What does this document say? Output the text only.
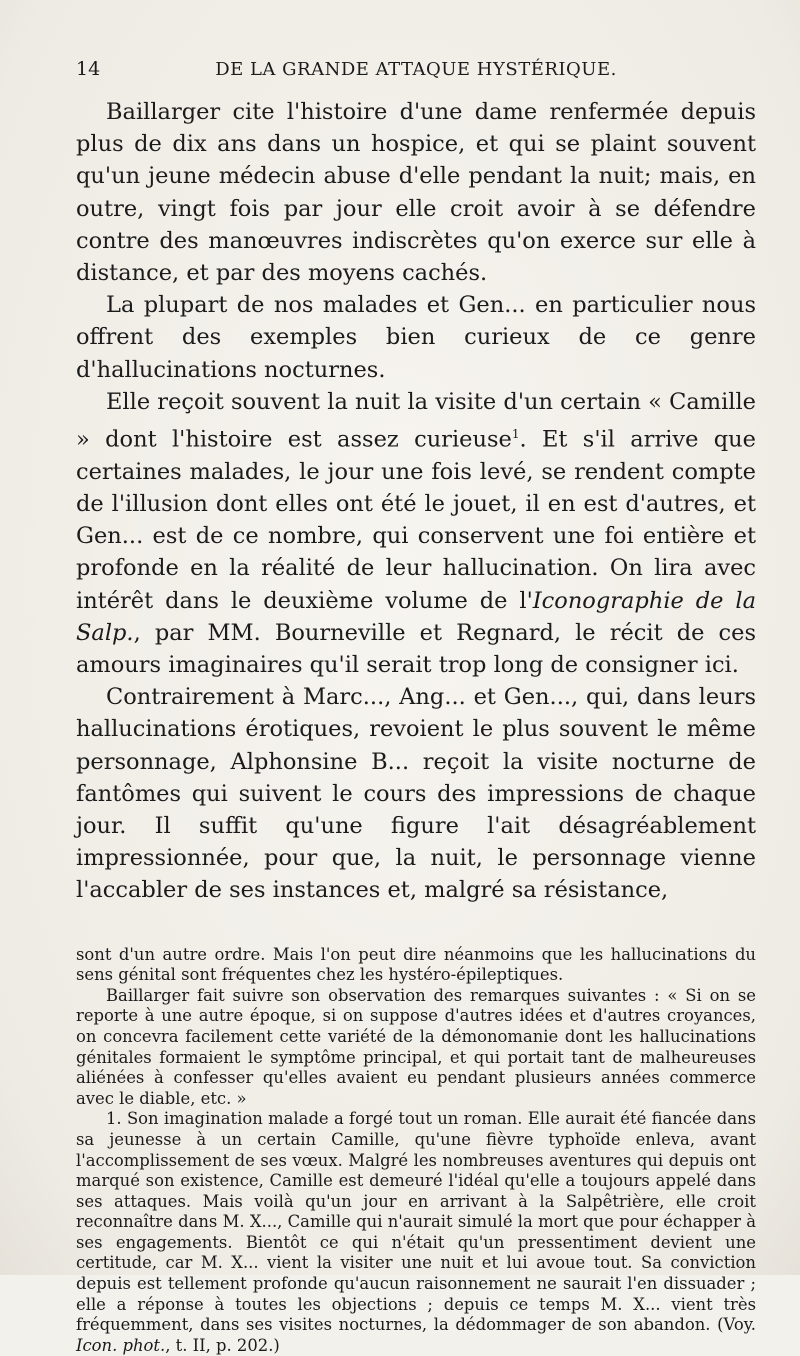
14	DE LA GRANDE ATTAQUE HYSTÉRIQUE.

Baillarger cite l'histoire d'une dame renfermée depuis plus de dix ans dans un hospice, et qui se plaint souvent qu'un jeune médecin abuse d'elle pendant la nuit; mais, en outre, vingt fois par jour elle croit avoir à se défendre contre des manœuvres indiscrètes qu'on exerce sur elle à distance, et par des moyens cachés.

La plupart de nos malades et Gen... en particulier nous offrent des exemples bien curieux de ce genre d'hallucinations nocturnes.

Elle reçoit souvent la nuit la visite d'un certain « Camille » dont l'histoire est assez curieuse$^1$. Et s'il arrive que certaines malades, le jour une fois levé, se rendent compte de l'illusion dont elles ont été le jouet, il en est d'autres, et Gen... est de ce nombre, qui conservent une foi entière et profonde en la réalité de leur hallucination. On lira avec intérêt dans le deuxième volume de l'Iconographie de la Salp., par MM. Bourneville et Regnard, le récit de ces amours imaginaires qu'il serait trop long de consigner ici.

Contrairement à Marc..., Ang... et Gen..., qui, dans leurs hallucinations érotiques, revoient le plus souvent le même personnage, Alphonsine B... reçoit la visite nocturne de fantômes qui suivent le cours des impressions de chaque jour. Il suffit qu'une figure l'ait désagréablement impressionnée, pour que, la nuit, le personnage vienne l'accabler de ses instances et, malgré sa résistance,

sont d'un autre ordre. Mais l'on peut dire néanmoins que les hallucinations du sens génital sont fréquentes chez les hystéro-épileptiques.

Baillarger fait suivre son observation des remarques suivantes : « Si on se reporte à une autre époque, si on suppose d'autres idées et d'autres croyances, on concevra facilement cette variété de la démonomanie dont les hallucinations génitales formaient le symptôme principal, et qui portait tant de malheureuses aliénées à confesser qu'elles avaient eu pendant plusieurs années commerce avec le diable, etc. »

1. Son imagination malade a forgé tout un roman. Elle aurait été fiancée dans sa jeunesse à un certain Camille, qu'une fièvre typhoïde enleva, avant l'accomplissement de ses vœux. Malgré les nombreuses aventures qui depuis ont marqué son existence, Camille est demeuré l'idéal qu'elle a toujours appelé dans ses attaques. Mais voilà qu'un jour en arrivant à la Salpêtrière, elle croit reconnaître dans M. X..., Camille qui n'aurait simulé la mort que pour échapper à ses engagements. Bientôt ce qui n'était qu'un pressentiment devient une certitude, car M. X... vient la visiter une nuit et lui avoue tout. Sa conviction depuis est tellement profonde qu'aucun raisonnement ne saurait l'en dissuader ; elle a réponse à toutes les objections ; depuis ce temps M. X... vient très fréquemment, dans ses visites nocturnes, la dédommager de son abandon. (Voy. Icon. phot., t. II, p. 202.)
